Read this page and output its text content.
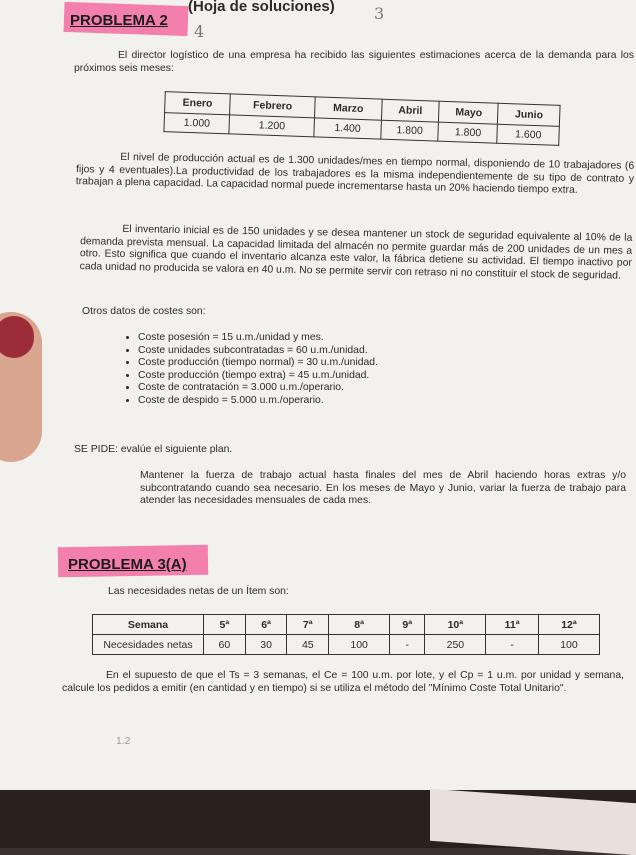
(Hoja de soluciones) 3
PROBLEMA 2
4
El director logístico de una empresa ha recibido las siguientes estimaciones acerca de la demanda para los próximos seis meses:
Enero	Febrero	Marzo	Abril	Mayo	Junio
1.000	1.200	1.400	1.800	1.800	1.600
El nivel de producción actual es de 1.300 unidades/mes en tiempo normal, disponiendo de 10 trabajadores (6 fijos y 4 eventuales).La productividad de los trabajadores es la misma independientemente de su tipo de contrato y trabajan a plena capacidad. La capacidad normal puede incrementarse hasta un 20% haciendo tiempo extra.
El inventario inicial es de 150 unidades y se desea mantener un stock de seguridad equivalente al 10% de la demanda prevista mensual. La capacidad limitada del almacén no permite guardar más de 200 unidades de un mes a otro. Esto significa que cuando el inventario alcanza este valor, la fábrica detiene su actividad. El tiempo inactivo por cada unidad no producida se valora en 40 u.m. No se permite servir con retraso ni no constituir el stock de seguridad.
Otros datos de costes son:
• Coste posesión = 15 u.m./unidad y mes.
• Coste unidades subcontratadas = 60 u.m./unidad.
• Coste producción (tiempo normal) = 30 u.m./unidad.
• Coste producción (tiempo extra) = 45 u.m./unidad.
• Coste de contratación = 3.000 u.m./operario.
• Coste de despido = 5.000 u.m./operario.
SE PIDE: evalúe el siguiente plan.
Mantener la fuerza de trabajo actual hasta finales del mes de Abril haciendo horas extras y/o subcontratando cuando sea necesario. En los meses de Mayo y Junio, variar la fuerza de trabajo para atender las necesidades mensuales de cada mes.
PROBLEMA 3(A)
Las necesidades netas de un Ítem son:
Semana	5ª	6ª	7ª	8ª	9ª	10ª	11ª	12ª
Necesidades netas	60	30	45	100	-	250	-	100
En el supuesto de que el Ts = 3 semanas, el Ce = 100 u.m. por lote, y el Cp = 1 u.m. por unidad y semana, calcule los pedidos a emitir (en cantidad y en tiempo) si se utiliza el método del "Mínimo Coste Total Unitario".
1.2
